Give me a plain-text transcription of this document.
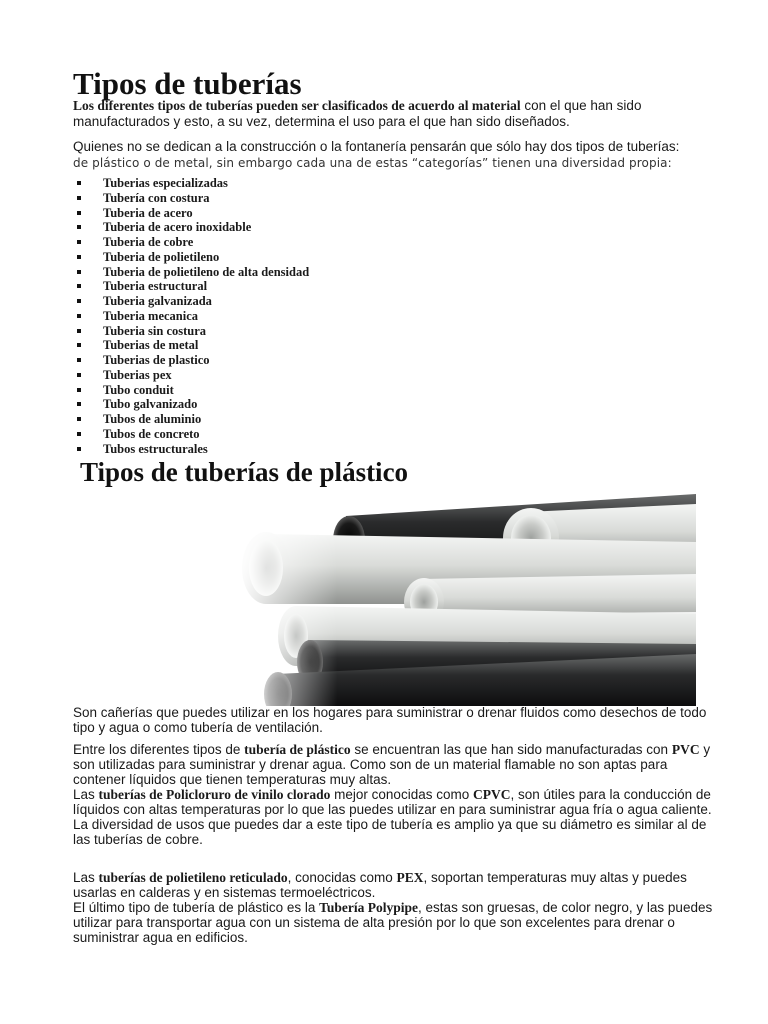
Tipos de tuberías

Los diferentes tipos de tuberías pueden ser clasificados de acuerdo al material con el que han sido manufacturados y esto, a su vez, determina el uso para el que han sido diseñados.

Quienes no se dedican a la construcción o la fontanería pensarán que sólo hay dos tipos de tuberías:
de plástico o de metal, sin embargo cada una de estas “categorías” tienen una diversidad propia:

Tuberias especializadas
Tubería con costura
Tuberia de acero
Tuberia de acero inoxidable
Tuberia de cobre
Tuberia de polietileno
Tuberia de polietileno de alta densidad
Tuberia estructural
Tuberia galvanizada
Tuberia mecanica
Tuberia sin costura
Tuberias de metal
Tuberias de plastico
Tuberias pex
Tubo conduit
Tubo galvanizado
Tubos de aluminio
Tubos de concreto
Tubos estructurales
Tipos de tuberías de plástico

Son cañerías que puedes utilizar en los hogares para suministrar o drenar fluidos como desechos de todo tipo y agua o como tubería de ventilación.

Entre los diferentes tipos de tubería de plástico se encuentran las que han sido manufacturadas con PVC y son utilizadas para suministrar y drenar agua. Como son de un material flamable no son aptas para contener líquidos que tienen temperaturas muy altas.
Las tuberías de Policloruro de vinilo clorado mejor conocidas como CPVC, son útiles para la conducción de líquidos con altas temperaturas por lo que las puedes utilizar en para suministrar agua fría o agua caliente.
La diversidad de usos que puedes dar a este tipo de tubería es amplio ya que su diámetro es similar al de las tuberías de cobre.

Las tuberías de polietileno reticulado, conocidas como PEX, soportan temperaturas muy altas y puedes usarlas en calderas y en sistemas termoeléctricos.
El último tipo de tubería de plástico es la Tubería Polypipe, estas son gruesas, de color negro, y las puedes utilizar para transportar agua con un sistema de alta presión por lo que son excelentes para drenar o suministrar agua en edificios.
